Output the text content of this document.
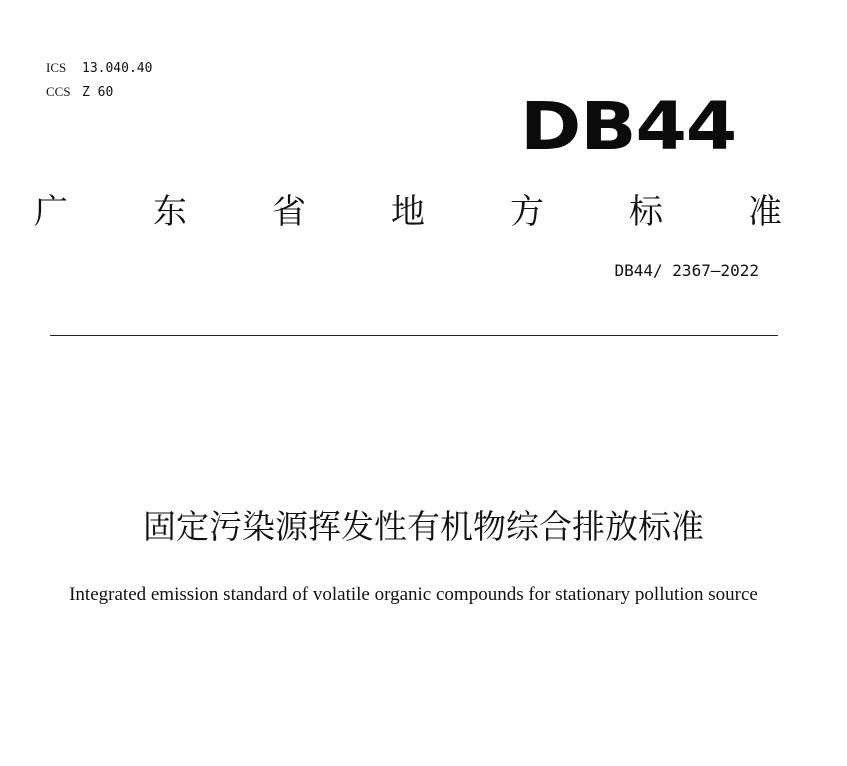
ICS 13.040.40
CCS Z 60	DB44
广	东	省	地	方	标	准
DB44/ 2367—2022
固定污染源挥发性有机物综合排放标准
Integrated emission standard of volatile organic compounds for stationary pollution source
